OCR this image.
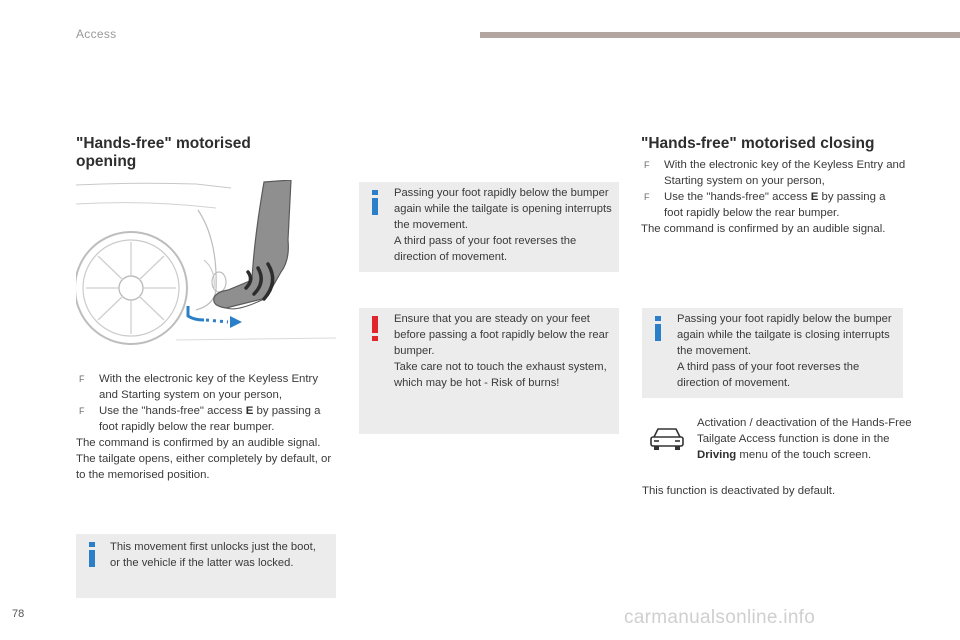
Access
"Hands-free" motorised opening
F With the electronic key of the Keyless Entry and Starting system on your person,
F Use the "hands-free" access E by passing a foot rapidly below the rear bumper.
The command is confirmed by an audible signal.
The tailgate opens, either completely by default, or to the memorised position.
This movement first unlocks just the boot, or the vehicle if the latter was locked.

Passing your foot rapidly below the bumper again while the tailgate is opening interrupts the movement.

A third pass of your foot reverses the direction of movement.

Ensure that you are steady on your feet before passing a foot rapidly below the rear bumper.

Take care not to touch the exhaust system, which may be hot - Risk of burns!

"Hands-free" motorised closing
F With the electronic key of the Keyless Entry and Starting system on your person,
F Use the "hands-free" access E by passing a foot rapidly below the rear bumper.
The command is confirmed by an audible signal.

Passing your foot rapidly below the bumper again while the tailgate is closing interrupts the movement.

A third pass of your foot reverses the direction of movement.

Activation / deactivation of the Hands-Free Tailgate Access function is done in the Driving menu of the touch screen.
This function is deactivated by default.
78	carmanualsonline.info
